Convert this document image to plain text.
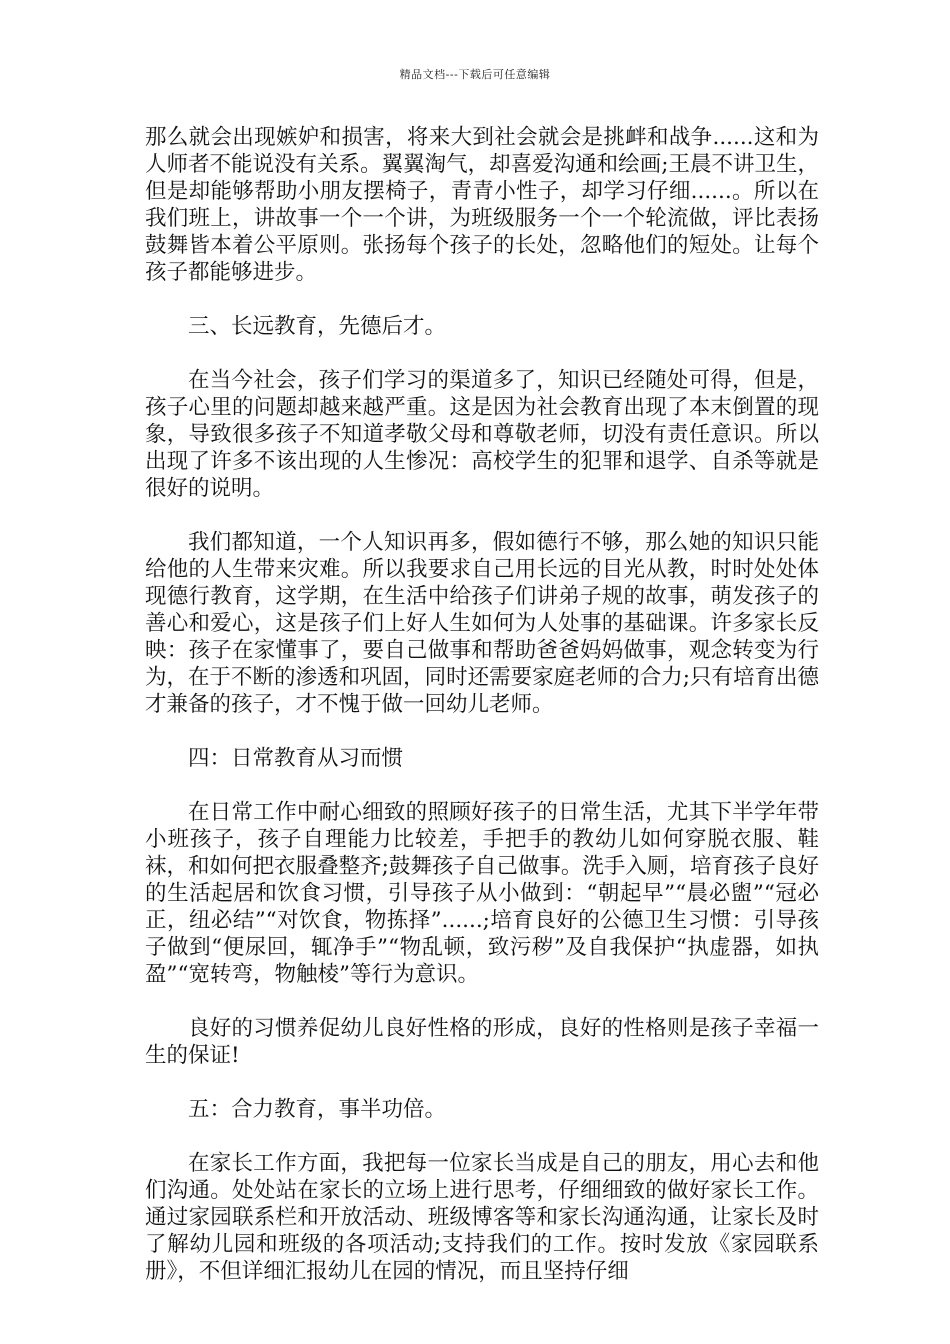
精品文档---下载后可任意编辑

那么就会出现嫉妒和损害，将来大到社会就会是挑衅和战争......这和为人师者不能说没有关系。翼翼淘气，却喜爱沟通和绘画;王晨不讲卫生，但是却能够帮助小朋友摆椅子，青青小性子，却学习仔细......。所以在我们班上，讲故事一个一个讲，为班级服务一个一个轮流做，评比表扬鼓舞皆本着公平原则。张扬每个孩子的长处，忽略他们的短处。让每个孩子都能够进步。

三、长远教育，先德后才。

在当今社会，孩子们学习的渠道多了，知识已经随处可得，但是，孩子心里的问题却越来越严重。这是因为社会教育出现了本末倒置的现象，导致很多孩子不知道孝敬父母和尊敬老师，切没有责任意识。所以出现了许多不该出现的人生惨况：高校学生的犯罪和退学、自杀等就是很好的说明。

我们都知道，一个人知识再多，假如德行不够，那么她的知识只能给他的人生带来灾难。所以我要求自己用长远的目光从教，时时处处体现德行教育，这学期，在生活中给孩子们讲弟子规的故事，萌发孩子的善心和爱心，这是孩子们上好人生如何为人处事的基础课。许多家长反映：孩子在家懂事了，要自己做事和帮助爸爸妈妈做事，观念转变为行为，在于不断的渗透和巩固，同时还需要家庭老师的合力;只有培育出德才兼备的孩子，才不愧于做一回幼儿老师。

四：日常教育从习而惯

在日常工作中耐心细致的照顾好孩子的日常生活，尤其下半学年带小班孩子，孩子自理能力比较差，手把手的教幼儿如何穿脱衣服、鞋袜，和如何把衣服叠整齐;鼓舞孩子自己做事。洗手入厕，培育孩子良好的生活起居和饮食习惯，引导孩子从小做到：“朝起早”“晨必盥”“冠必正，纽必结”“对饮食，物拣择”......;培育良好的公德卫生习惯：引导孩子做到“便尿回，辄净手”“物乱顿，致污秽”及自我保护“执虚器，如执盈”“宽转弯，物触棱”等行为意识。

良好的习惯养促幼儿良好性格的形成，良好的性格则是孩子幸福一生的保证!

五：合力教育，事半功倍。

在家长工作方面，我把每一位家长当成是自己的朋友，用心去和他们沟通。处处站在家长的立场上进行思考，仔细细致的做好家长工作。通过家园联系栏和开放活动、班级博客等和家长沟通沟通，让家长及时了解幼儿园和班级的各项活动;支持我们的工作。按时发放《家园联系册》，不但详细汇报幼儿在园的情况，而且坚持仔细
